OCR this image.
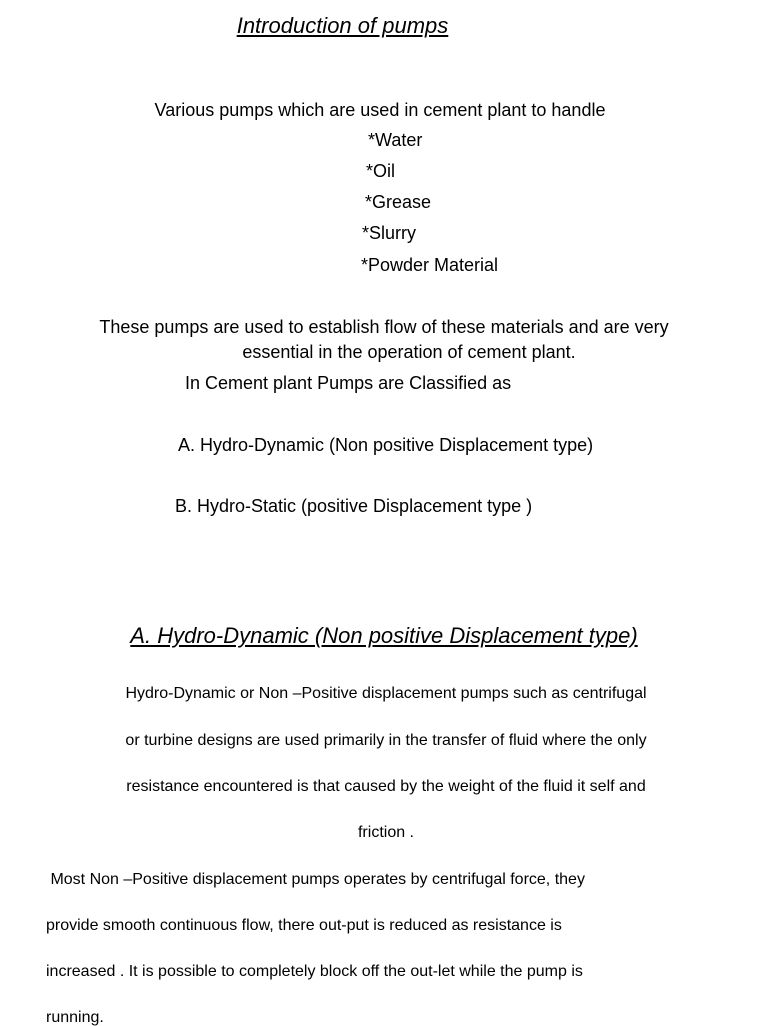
Introduction of pumps
Various pumps which are used in cement plant to handle
*Water
*Oil
*Grease
*Slurry
*Powder Material
These pumps are used to establish flow of these materials and are very
essential in the operation of cement plant.
In Cement plant Pumps are Classified as
A. Hydro-Dynamic (Non positive Displacement type)
B. Hydro-Static (positive Displacement type )
A. Hydro-Dynamic (Non positive Displacement type)
Hydro-Dynamic or Non –Positive displacement pumps such as centrifugal
or turbine designs are used primarily in the transfer of fluid where the only
resistance encountered is that caused by the weight of the fluid it self and
friction .
Most Non –Positive displacement pumps operates by centrifugal force, they
provide smooth continuous flow, there out-put is reduced as resistance is
increased . It is possible to completely block off the out-let while the pump is
running.
